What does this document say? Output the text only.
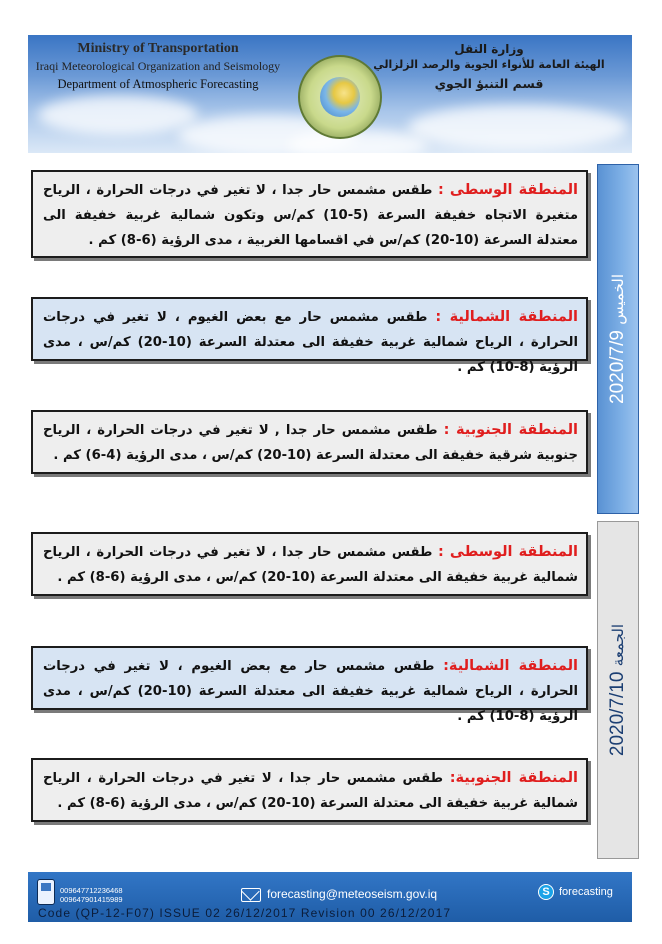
Ministry of Transportation
Iraqi Meteorological Organization and Seismology
Department of Atmospheric Forecasting
وزارة النقل
الهيئة العامة للأنواء الجوية والرصد الزلزالي
قسم التنبؤ الجوي
المنطقة الوسطى : طقس مشمس حار جدا ، لا تغير في درجات الحرارة ، الرياح متغيرة الاتجاه خفيفة السرعة (5-10) كم/س وتكون شمالية غربية خفيفة الى معتدلة السرعة (10-20) كم/س في اقسامها الغربية ، مدى الرؤية (6-8) كم .
المنطقة الشمالية : طقس مشمس حار مع بعض الغيوم ، لا تغير في درجات الحرارة ، الرياح شمالية غربية خفيفة الى معتدلة السرعة (10-20) كم/س ، مدى الرؤية (8-10) كم .
المنطقة الجنوبية : طقس مشمس حار جدا , لا تغير في درجات الحرارة ، الرياح جنوبية شرقية خفيفة الى معتدلة السرعة (10-20) كم/س ، مدى الرؤية (4-6) كم .
2020/7/9 الخميس
المنطقة الوسطى : طقس مشمس حار جدا ، لا تغير في درجات الحرارة ، الرياح شمالية غربية خفيفة الى معتدلة السرعة (10-20) كم/س ، مدى الرؤية (6-8) كم .
المنطقة الشمالية: طقس مشمس حار مع بعض الغيوم ، لا تغير في درجات الحرارة ، الرياح شمالية غربية خفيفة الى معتدلة السرعة (10-20) كم/س ، مدى الرؤية (8-10) كم .
المنطقة الجنوبية: طقس مشمس حار جدا ، لا تغير في درجات الحرارة ، الرياح شمالية غربية خفيفة الى معتدلة السرعة (10-20) كم/س ، مدى الرؤية (6-8) كم .
2020/7/10 الجمعة
009647712236468
009647901415989	forecasting@meteoseism.gov.iq	S forecasting
Code (QP-12-F07) ISSUE 02 26/12/2017 Revision 00 26/12/2017
